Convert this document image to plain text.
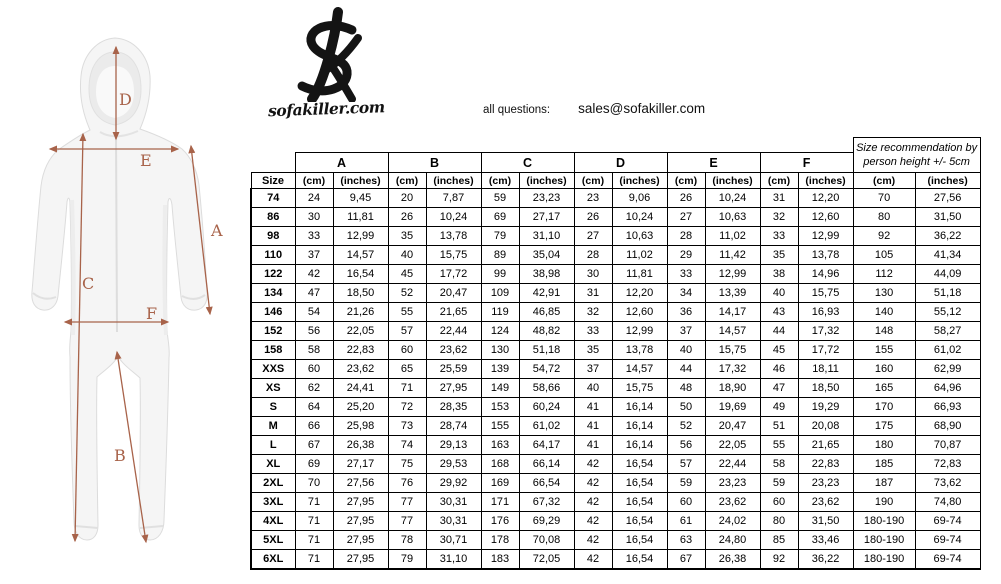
D
E
A
C
F
B
sofakiller.com	all questions: sales@sofakiller.com
													Size recommendation by
person height +/- 5cm	
	A		B		C		D		E		F			
Size	(cm)	(inches)	(cm)	(inches)	(cm)	(inches)	(cm)	(inches)	(cm)	(inches)	(cm)	(inches)	(cm)	(inches)
74	24	9,45	20	7,87	59	23,23	23	9,06	26	10,24	31	12,20	70	27,56
86	30	11,81	26	10,24	69	27,17	26	10,24	27	10,63	32	12,60	80	31,50
98	33	12,99	35	13,78	79	31,10	27	10,63	28	11,02	33	12,99	92	36,22
110	37	14,57	40	15,75	89	35,04	28	11,02	29	11,42	35	13,78	105	41,34
122	42	16,54	45	17,72	99	38,98	30	11,81	33	12,99	38	14,96	112	44,09
134	47	18,50	52	20,47	109	42,91	31	12,20	34	13,39	40	15,75	130	51,18
146	54	21,26	55	21,65	119	46,85	32	12,60	36	14,17	43	16,93	140	55,12
152	56	22,05	57	22,44	124	48,82	33	12,99	37	14,57	44	17,32	148	58,27
158	58	22,83	60	23,62	130	51,18	35	13,78	40	15,75	45	17,72	155	61,02
XXS	60	23,62	65	25,59	139	54,72	37	14,57	44	17,32	46	18,11	160	62,99
XS	62	24,41	71	27,95	149	58,66	40	15,75	48	18,90	47	18,50	165	64,96
S	64	25,20	72	28,35	153	60,24	41	16,14	50	19,69	49	19,29	170	66,93
M	66	25,98	73	28,74	155	61,02	41	16,14	52	20,47	51	20,08	175	68,90
L	67	26,38	74	29,13	163	64,17	41	16,14	56	22,05	55	21,65	180	70,87
XL	69	27,17	75	29,53	168	66,14	42	16,54	57	22,44	58	22,83	185	72,83
2XL	70	27,56	76	29,92	169	66,54	42	16,54	59	23,23	59	23,23	187	73,62
3XL	71	27,95	77	30,31	171	67,32	42	16,54	60	23,62	60	23,62	190	74,80
4XL	71	27,95	77	30,31	176	69,29	42	16,54	61	24,02	80	31,50	180-190	69-74
5XL	71	27,95	78	30,71	178	70,08	42	16,54	63	24,80	85	33,46	180-190	69-74
6XL	71	27,95	79	31,10	183	72,05	42	16,54	67	26,38	92	36,22	180-190	69-74
